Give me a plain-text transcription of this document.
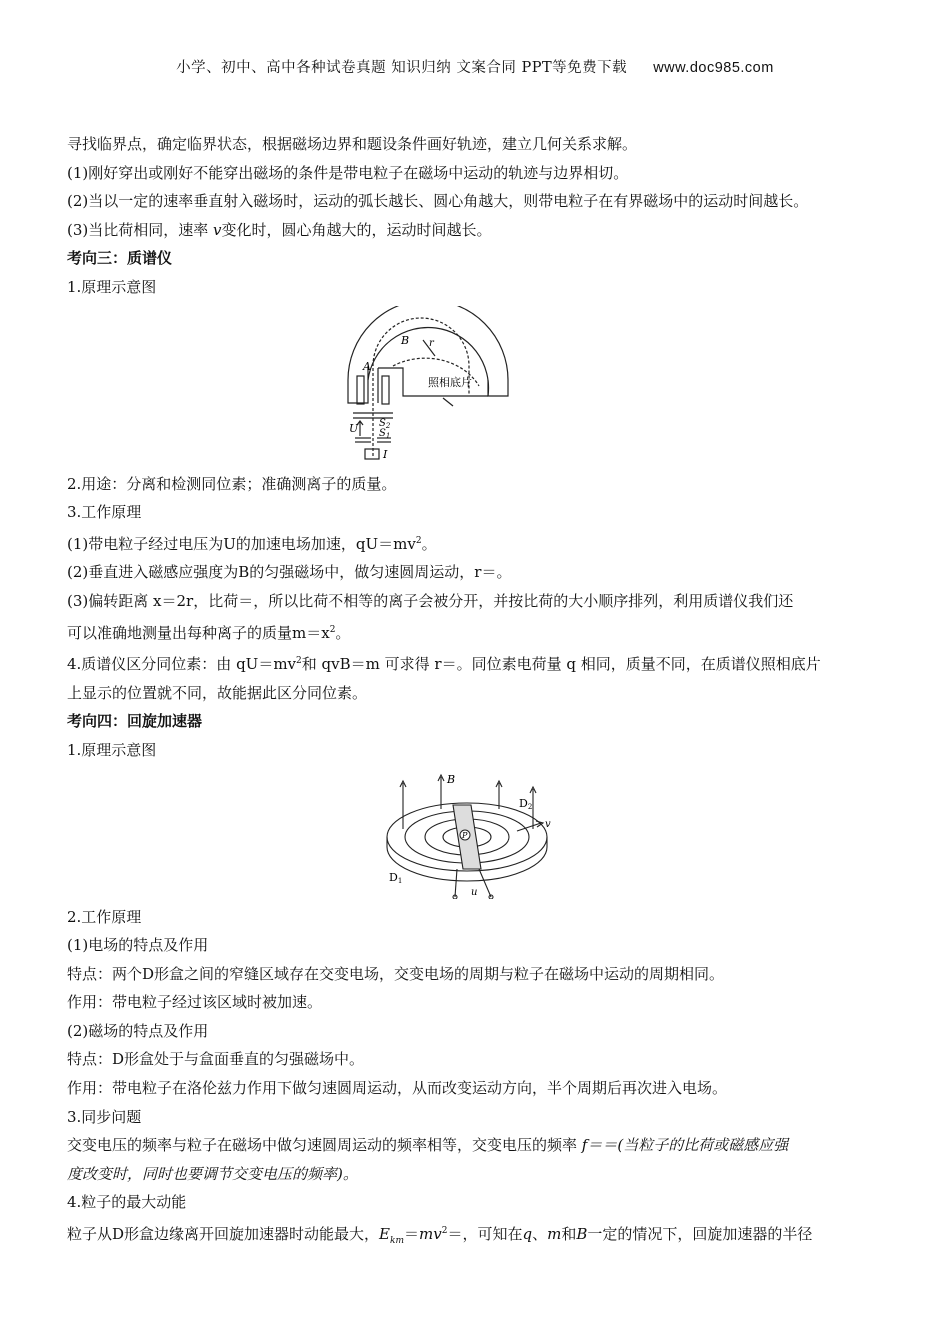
小学、初中、高中各种试卷真题 知识归纳 文案合同 PPT等免费下载 www.doc985.com

寻找临界点，确定临界状态，根据磁场边界和题设条件画好轨迹，建立几何关系求解。

(1)刚好穿出或刚好不能穿出磁场的条件是带电粒子在磁场中运动的轨迹与边界相切。

(2)当以一定的速率垂直射入磁场时，运动的弧长越长、圆心角越大，则带电粒子在有界磁场中的运动时间越长。

(3)当比荷相同，速率 v变化时，圆心角越大的，运动时间越长。

考向三：质谱仪

1.原理示意图

A
B r
照相底片
$S_2$
$S_1$
U
I

2.用途：分离和检测同位素；准确测离子的质量。

3.工作原理

(1)带电粒子经过电压为U的加速电场加速，$qU=mv^2$。

(2)垂直进入磁感应强度为B的匀强磁场中，做匀速圆周运动，r＝。

(3)偏转距离 x＝2r，比荷＝，所以比荷不相等的离子会被分开，并按比荷的大小顺序排列，利用质谱仪我们还

可以准确地测量出每种离子的质量$m=x^2$。

4.质谱仪区分同位素：由 $qU=mv^2$和 qvB＝m 可求得 r＝。同位素电荷量 q 相同，质量不同，在质谱仪照相底片

上显示的位置就不同，故能据此区分同位素。

考向四：回旋加速器

1.原理示意图

B
D2
D1
P
v
u

2.工作原理

(1)电场的特点及作用

特点：两个D形盒之间的窄缝区域存在交变电场，交变电场的周期与粒子在磁场中运动的周期相同。

作用：带电粒子经过该区域时被加速。

(2)磁场的特点及作用

特点：D形盒处于与盒面垂直的匀强磁场中。

作用：带电粒子在洛伦兹力作用下做匀速圆周运动，从而改变运动方向，半个周期后再次进入电场。

3.同步问题

交变电压的频率与粒子在磁场中做匀速圆周运动的频率相等，交变电压的频率 f＝＝(当粒子的比荷或磁感应强

度改变时，同时也要调节交变电压的频率)。

4.粒子的最大动能

粒子从D形盒边缘离开回旋加速器时动能最大，$E_{km}=mv^2=$，可知在q、m和B一定的情况下，回旋加速器的半径
